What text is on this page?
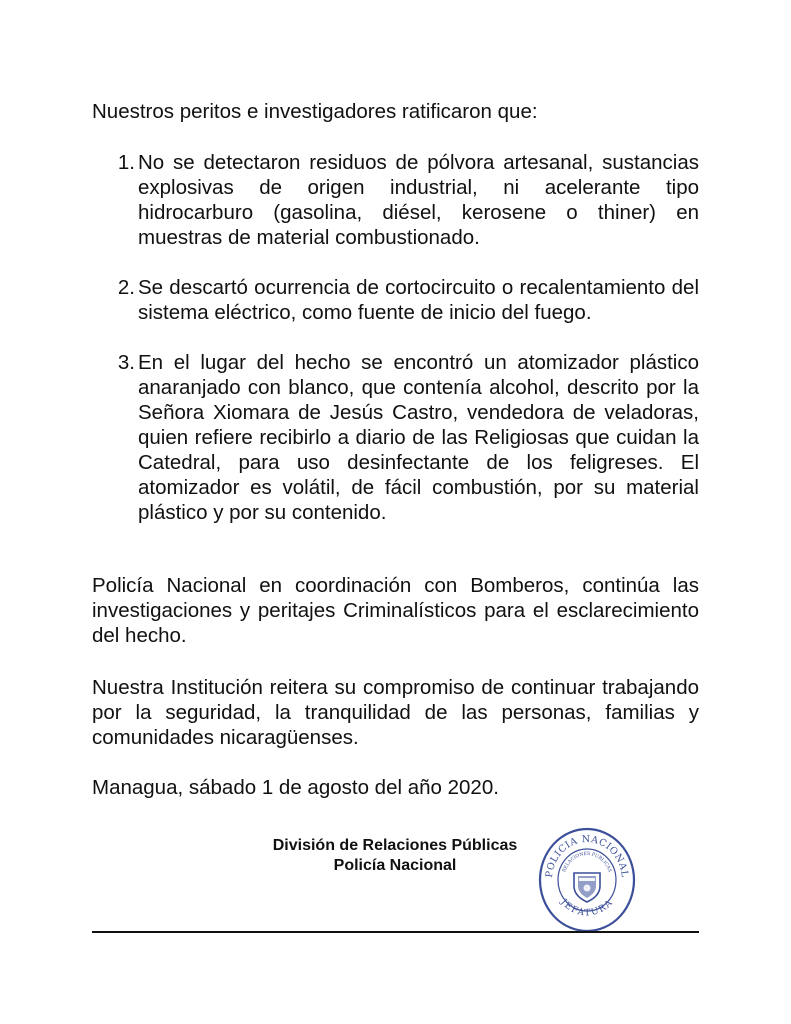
Nuestros peritos e investigadores ratificaron que:

1. No se detectaron residuos de pólvora artesanal, sustancias explosivas de origen industrial, ni acelerante tipo hidrocarburo (gasolina, diésel, kerosene o thiner) en muestras de material combustionado.
2. Se descartó ocurrencia de cortocircuito o recalentamiento del sistema eléctrico, como fuente de inicio del fuego.
3. En el lugar del hecho se encontró un atomizador plástico anaranjado con blanco, que contenía alcohol, descrito por la Señora Xiomara de Jesús Castro, vendedora de veladoras, quien refiere recibirlo a diario de las Religiosas que cuidan la Catedral, para uso desinfectante de los feligreses. El atomizador es volátil, de fácil combustión, por su material plástico y por su contenido.

Policía Nacional en coordinación con Bomberos, continúa las investigaciones y peritajes Criminalísticos para el esclarecimiento del hecho.

Nuestra Institución reitera su compromiso de continuar trabajando por la seguridad, la tranquilidad de las personas, familias y comunidades nicaragüenses.

Managua, sábado 1 de agosto del año 2020.

División de Relaciones Públicas
Policía Nacional
POLICIA NACIONAL
RELACIONES PUBLICAS
JEFATURA
